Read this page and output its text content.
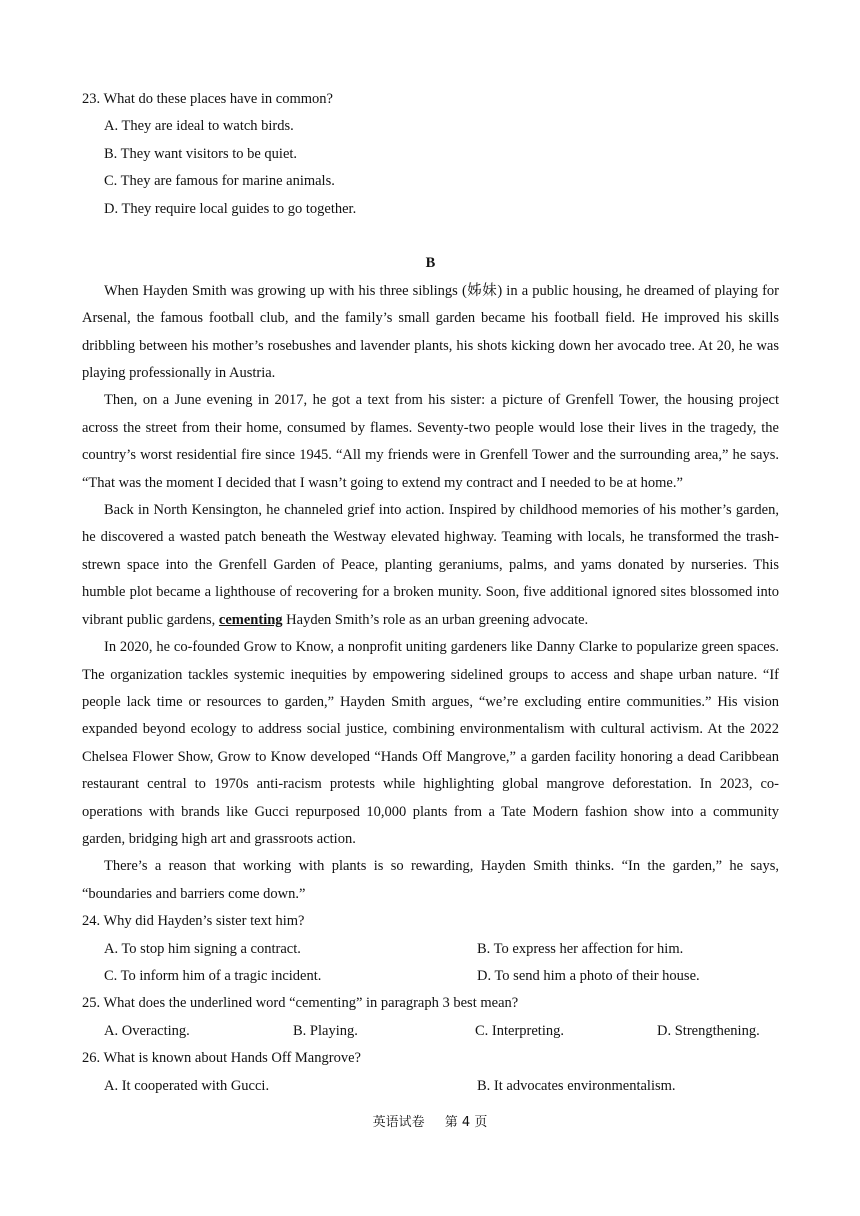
23. What do these places have in common?
A. They are ideal to watch birds.
B. They want visitors to be quiet.
C. They are famous for marine animals.
D. They require local guides to go together.
B

When Hayden Smith was growing up with his three siblings (姊妹) in a public housing, he dreamed of playing for Arsenal, the famous football club, and the family’s small garden became his football field. He improved his skills dribbling between his mother’s rosebushes and lavender plants, his shots kicking down her avocado tree. At 20, he was playing professionally in Austria.

Then, on a June evening in 2017, he got a text from his sister: a picture of Grenfell Tower, the housing project across the street from their home, consumed by flames. Seventy-two people would lose their lives in the tragedy, the country’s worst residential fire since 1945. “All my friends were in Grenfell Tower and the surrounding area,” he says. “That was the moment I decided that I wasn’t going to extend my contract and I needed to be at home.”

Back in North Kensington, he channeled grief into action. Inspired by childhood memories of his mother’s garden, he discovered a wasted patch beneath the Westway elevated highway. Teaming with locals, he transformed the trash-strewn space into the Grenfell Garden of Peace, planting geraniums, palms, and yams donated by nurseries. This humble plot became a lighthouse of recovering for a broken munity. Soon, five additional ignored sites blossomed into vibrant public gardens, cementing Hayden Smith’s role as an urban greening advocate.

In 2020, he co-founded Grow to Know, a nonprofit uniting gardeners like Danny Clarke to popularize green spaces. The organization tackles systemic inequities by empowering sidelined groups to access and shape urban nature. “If people lack time or resources to garden,” Hayden Smith argues, “we’re excluding entire communities.” His vision expanded beyond ecology to address social justice, combining environmentalism with cultural activism. At the 2022 Chelsea Flower Show, Grow to Know developed “Hands Off Mangrove,” a garden facility honoring a dead Caribbean restaurant central to 1970s anti-racism protests while highlighting global mangrove deforestation. In 2023, co-operations with brands like Gucci repurposed 10,000 plants from a Tate Modern fashion show into a community garden, bridging high art and grassroots action.

There’s a reason that working with plants is so rewarding, Hayden Smith thinks. “In the garden,” he says, “boundaries and barriers come down.”

24. Why did Hayden’s sister text him?
A. To stop him signing a contract.	B. To express her affection for him.
C. To inform him of a tragic incident.	D. To send him a photo of their house.
25. What does the underlined word “cementing” in paragraph 3 best mean?
A. Overacting.	B. Playing.	C. Interpreting.	D. Strengthening.
26. What is known about Hands Off Mangrove?
A. It cooperated with Gucci.	B. It advocates environmentalism.
英语试卷 第 4 页
